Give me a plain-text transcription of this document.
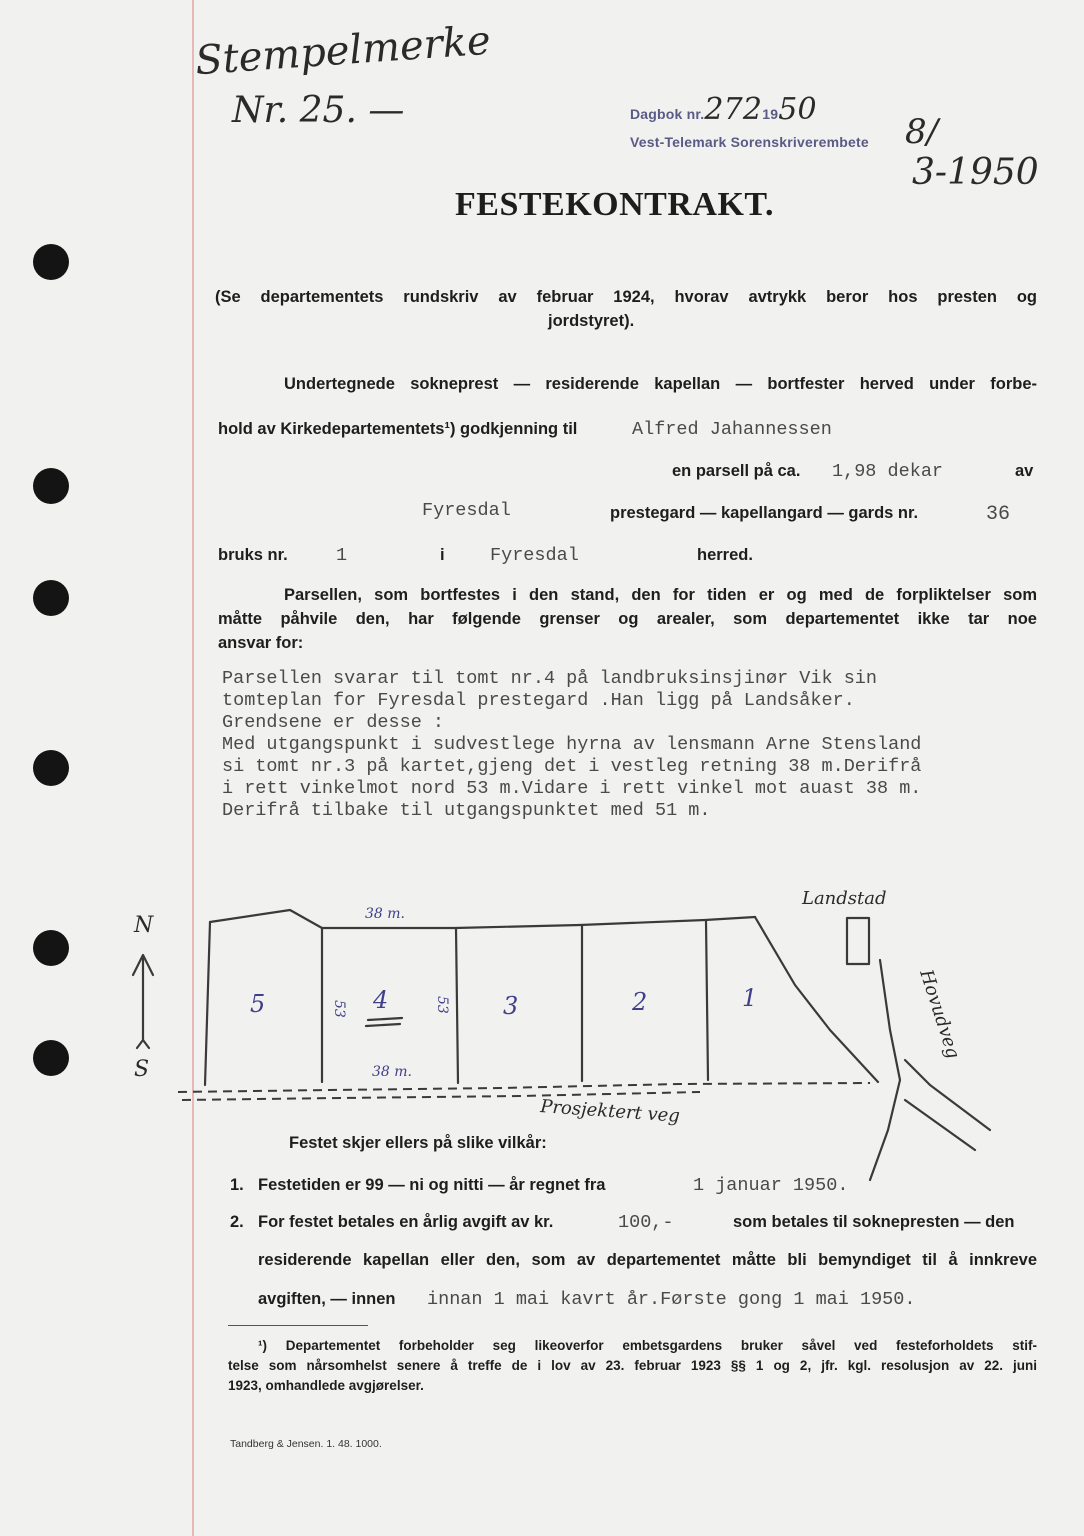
Stempelmerke
Nr. 25. —	Dagbok nr.2721950
Vest-Telemark Sorenskriverembete 8/
3-1950
FESTEKONTRAKT.
(Se departementets rundskriv av februar 1924, hvorav avtrykk beror hos presten og
jordstyret).
Undertegnede sokneprest — residerende kapellan — bortfester herved under forbe-
hold av Kirkedepartementets¹) godkjenning til	Alfred Jahannessen
en parsell på ca. 1,98 dekar	av
Fyresdal	prestegard — kapellangard — gards nr.	36
bruks nr.	1	i Fyresdal	herred.
Parsellen, som bortfestes i den stand, den for tiden er og med de forpliktelser som
måtte påhvile den, har følgende grenser og arealer, som departementet ikke tar noe
ansvar for:
Parsellen svarar til tomt nr.4 på landbruksinsjinør Vik sin
tomteplan for Fyresdal prestegard .Han ligg på Landsåker.
Grendsene er desse :
Med utgangspunkt i sudvestlege hyrna av lensmann Arne Stensland
si tomt nr.3 på kartet,gjeng det i vestleg retning 38 m.Derifrå
i rett vinkelmot nord 53 m.Vidare i rett vinkel mot auast 38 m.
Derifrå tilbake til utgangspunktet med 51 m.
5	4	3	2	1
38 m.
38 m.
53	53
N
S
Landstad
Hovudveg
Prosjektert veg
Festet skjer ellers på slike vilkår:
1. Festetiden er 99 — ni og nitti — år regnet fra	1 januar 1950.
2. For festet betales en årlig avgift av kr.	100,-	som betales til soknepresten — den
residerende kapellan eller den, som av departementet måtte bli bemyndiget til å innkreve
avgiften, — innen innan 1 mai kavrt år.Første gong 1 mai 1950.
¹) Departementet forbeholder seg likeoverfor embetsgardens bruker såvel ved festeforholdets stif-
telse som nårsomhelst senere å treffe de i lov av 23. februar 1923 §§ 1 og 2, jfr. kgl. resolusjon av 22. juni
1923, omhandlede avgjørelser.
Tandberg & Jensen. 1. 48. 1000.
